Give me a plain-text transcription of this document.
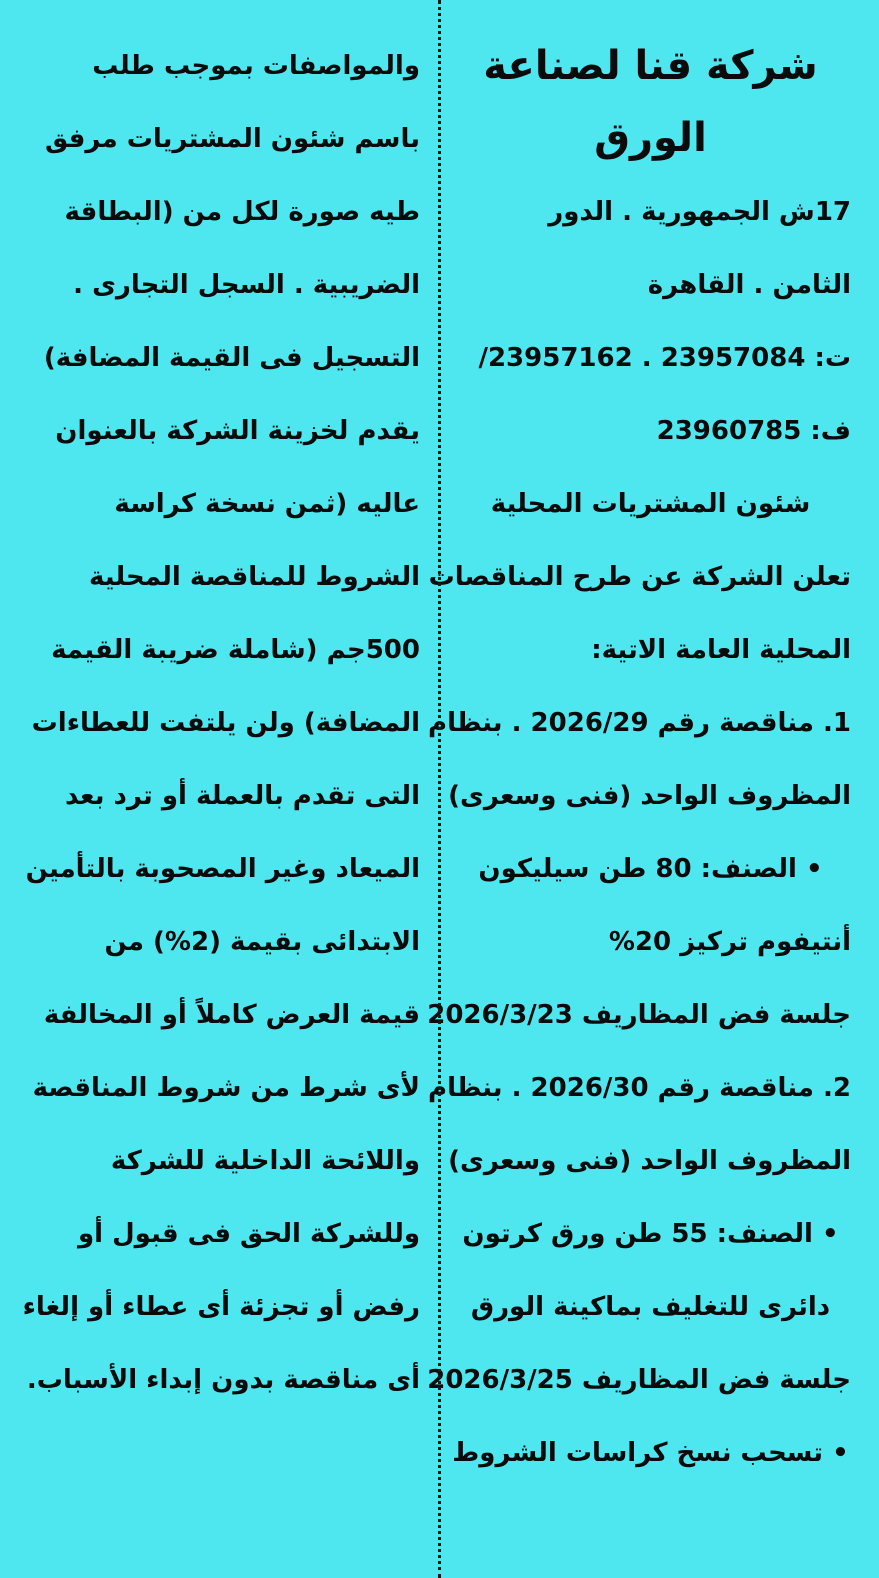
شركة قنا لصناعة
الورق
17ش الجمهورية . الدور
الثامن . القاهرة
ت: 23957084 . 23957162/
ف: 23960785
شئون المشتريات المحلية
تعلن الشركة عن طرح المناقصات
المحلية العامة الاتية:
1. مناقصة رقم 2026/29 . بنظام
المظروف الواحد (فنى وسعرى)
• الصنف: 80 طن سيليكون
أنتيفوم تركيز 20%
جلسة فض المظاريف 2026/3/23
2. مناقصة رقم 2026/30 . بنظام
المظروف الواحد (فنى وسعرى)
• الصنف: 55 طن ورق كرتون
دائرى للتغليف بماكينة الورق
جلسة فض المظاريف 2026/3/25
• تسحب نسخ كراسات الشروط
والمواصفات بموجب طلب
باسم شئون المشتريات مرفق
طيه صورة لكل من (البطاقة
الضريبية . السجل التجارى .
التسجيل فى القيمة المضافة)
يقدم لخزينة الشركة بالعنوان
عاليه (ثمن نسخة كراسة
الشروط للمناقصة المحلية
500جم (شاملة ضريبة القيمة
المضافة) ولن يلتفت للعطاءات
التى تقدم بالعملة أو ترد بعد
الميعاد وغير المصحوبة بالتأمين
الابتدائى بقيمة (2%) من
قيمة العرض كاملاً أو المخالفة
لأى شرط من شروط المناقصة
واللائحة الداخلية للشركة
وللشركة الحق فى قبول أو
رفض أو تجزئة أى عطاء أو إلغاء
أى مناقصة بدون إبداء الأسباب.
